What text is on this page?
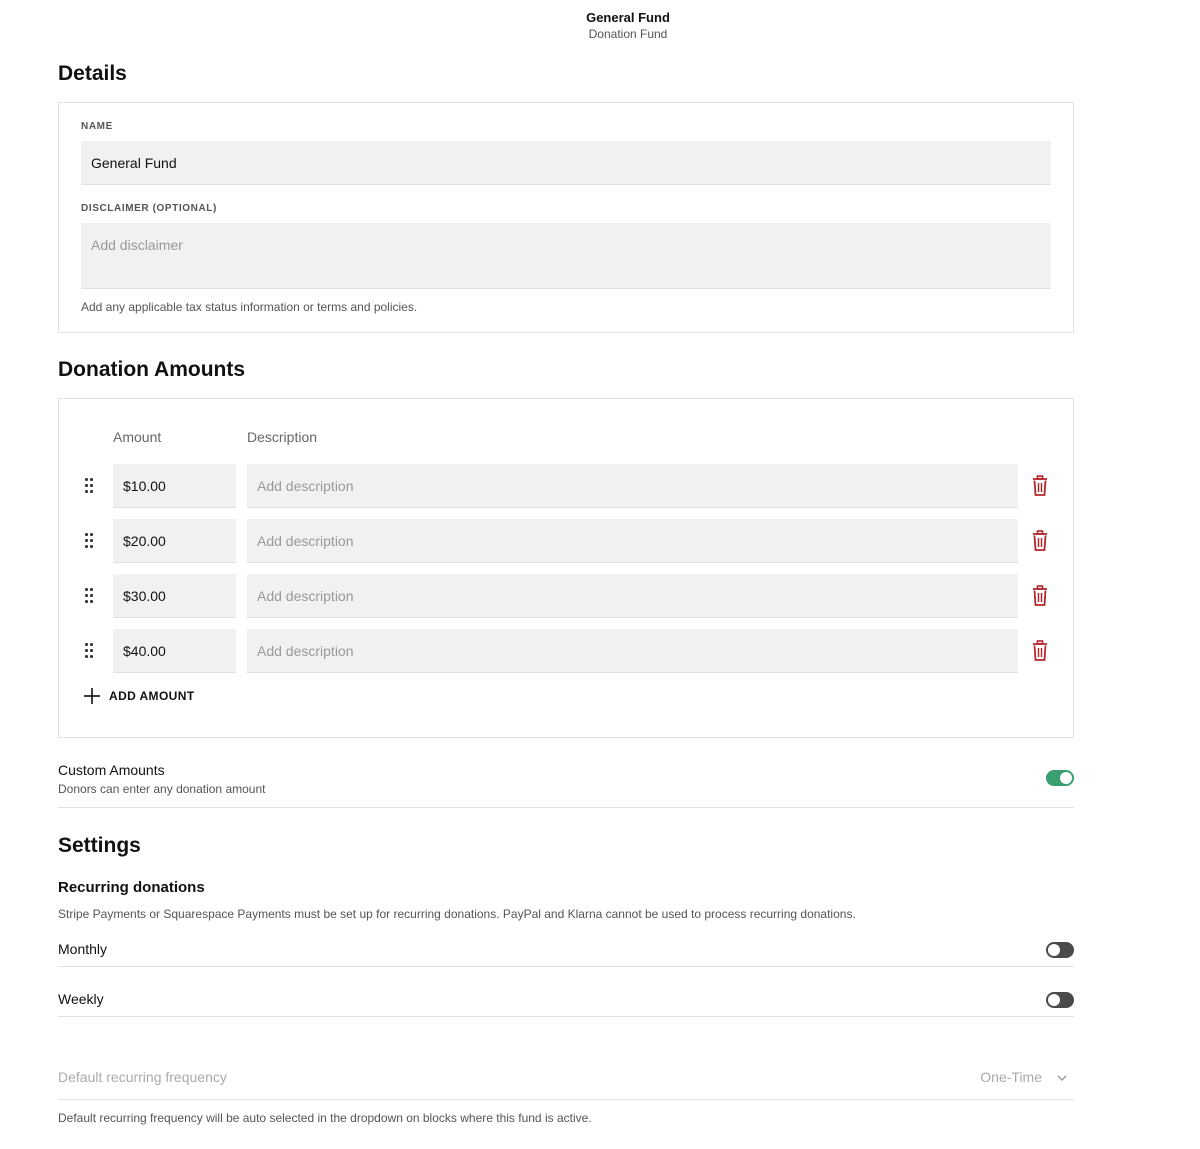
General Fund
Donation Fund
Details
NAME
General Fund
DISCLAIMER (OPTIONAL)
Add disclaimer
Add any applicable tax status information or terms and policies.
Donation Amounts
Amount	Description
$10.00
Add description
$20.00
Add description
$30.00
Add description
$40.00
Add description
ADD AMOUNT
Custom Amounts
Donors can enter any donation amount
Settings
Recurring donations
Stripe Payments or Squarespace Payments must be set up for recurring donations. PayPal and Klarna cannot be used to process recurring donations.
Monthly
Weekly
Default recurring frequency	One-Time
Default recurring frequency will be auto selected in the dropdown on blocks where this fund is active.
